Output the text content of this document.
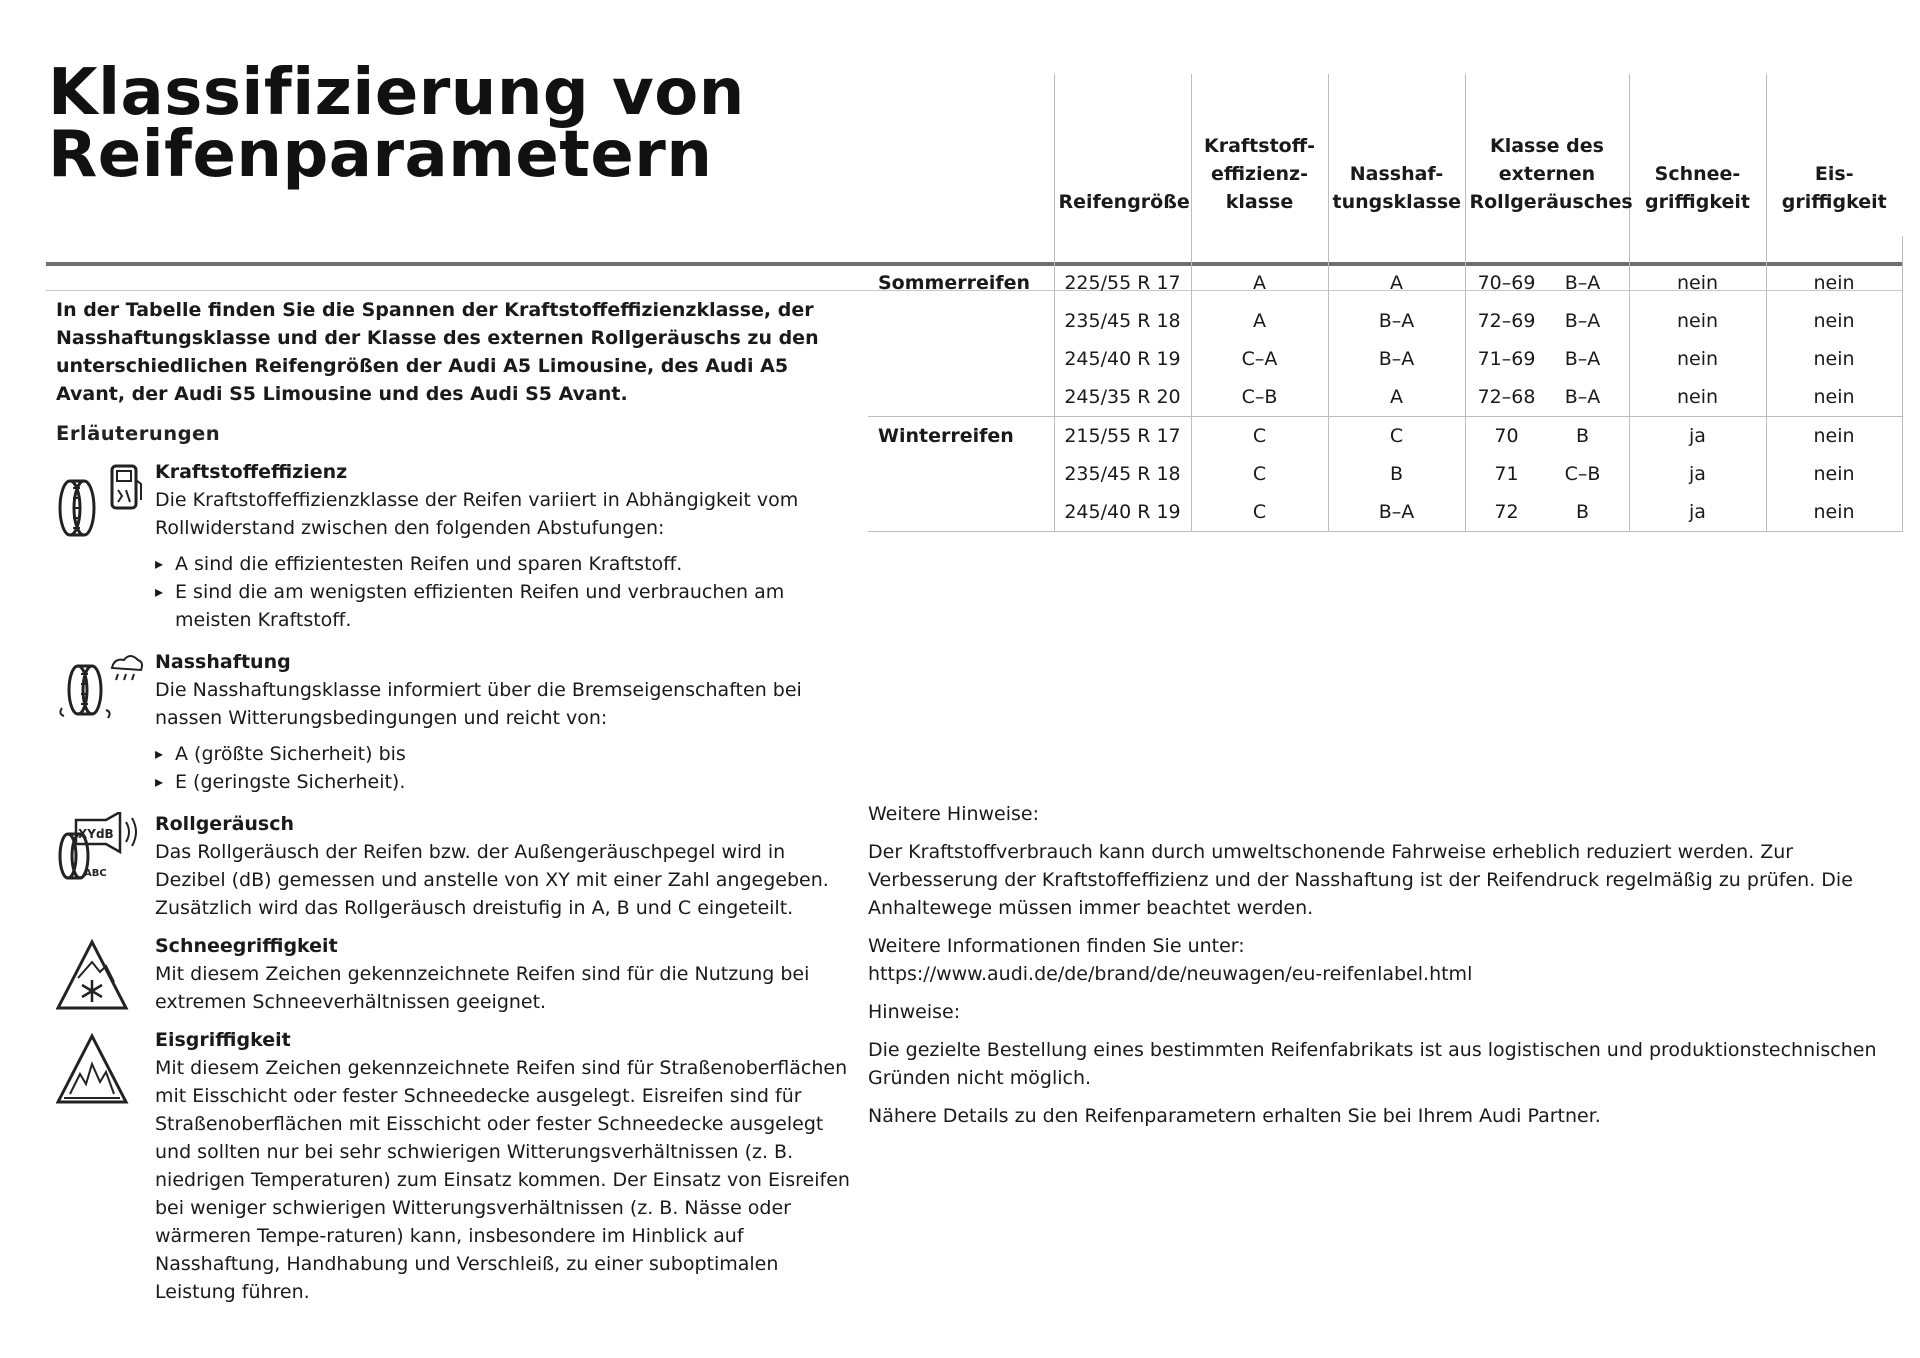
Klassifizierung von
Reifenparametern

In der Tabelle finden Sie die Spannen der Kraftstoffeffizienzklasse, der Nasshaftungsklasse und der Klasse des externen Rollgeräuschs zu den unterschiedlichen Reifengrößen der Audi A5 Limousine, des Audi A5 Avant, der Audi S5 Limousine und des Audi S5 Avant.

Erläuterungen
Kraftstoffeffizienz

Die Kraftstoffeffizienzklasse der Reifen variiert in Abhängigkeit vom Rollwiderstand zwischen den folgenden Abstufungen:

▸ A sind die effizientesten Reifen und sparen Kraftstoff.
▸ E sind die am wenigsten effizienten Reifen und verbrauchen am meisten Kraftstoff.
Nasshaftung

Die Nasshaftungsklasse informiert über die Bremseigenschaften bei nassen Witterungsbedingungen und reicht von:

▸ A (größte Sicherheit) bis
▸ E (geringste Sicherheit).
XYdB
ABC
Rollgeräusch

Das Rollgeräusch der Reifen bzw. der Außengeräuschpegel wird in Dezibel (dB) gemessen und anstelle von XY mit einer Zahl angegeben. Zusätzlich wird das Rollgeräusch dreistufig in A, B und C eingeteilt.

Schneegriffigkeit

Mit diesem Zeichen gekennzeichnete Reifen sind für die Nutzung bei extremen Schneeverhältnissen geeignet.

Eisgriffigkeit

Mit diesem Zeichen gekennzeichnete Reifen sind für Straßenoberflächen mit Eisschicht oder fester Schneedecke ausgelegt. Eisreifen sind für Straßenoberflächen mit Eisschicht oder fester Schneedecke ausgelegt und sollten nur bei sehr schwierigen Witterungsverhältnissen (z. B. niedrigen Temperaturen) zum Einsatz kommen. Der Einsatz von Eisreifen bei weniger schwierigen Witterungsverhältnissen (z. B. Nässe oder wärmeren Tempe-raturen) kann, insbesondere im Hinblick auf Nasshaftung, Handhabung und Verschleiß, zu einer suboptimalen Leistung führen.

	Reifengröße	Kraftstoff-
effizienz-
klasse	Nasshaf-
tungsklasse	Klasse des
externen
Rollgeräusches	Schnee-
griffigkeit	Eis-
griffigkeit

Sommerreifen	225/55 R 17	A	A	70–69 B–A	nein	nein
	235/45 R 18	A	B–A	72–69 B–A	nein	nein
	245/40 R 19	C–A	B–A	71–69 B–A	nein	nein
	245/35 R 20	C–B	A	72–68 B–A	nein	nein
Winterreifen	215/55 R 17	C	C	70 B	ja	nein
	235/45 R 18	C	B	71 C–B	ja	nein
	245/40 R 19	C	B–A	72 B	ja	nein

Weitere Hinweise:

Der Kraftstoffverbrauch kann durch umweltschonende Fahrweise erheblich reduziert werden. Zur Verbesserung der Kraftstoffeffizienz und der Nasshaftung ist der Reifendruck regelmäßig zu prüfen. Die Anhaltewege müssen immer beachtet werden.

Weitere Informationen finden Sie unter:

https://www.audi.de/de/brand/de/neuwagen/eu-reifenlabel.html

Hinweise:

Die gezielte Bestellung eines bestimmten Reifenfabrikats ist aus logistischen und produktionstechnischen Gründen nicht möglich.

Nähere Details zu den Reifenparametern erhalten Sie bei Ihrem Audi Partner.
